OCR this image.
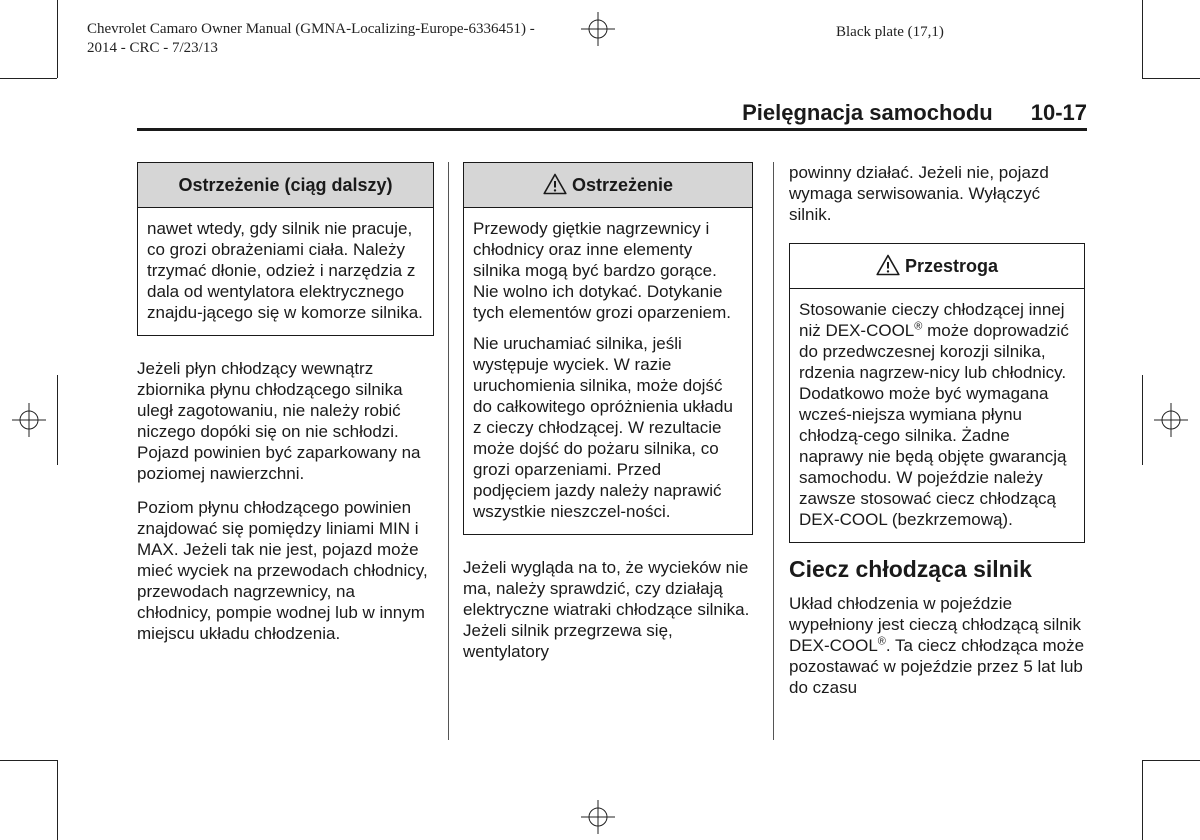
Chevrolet Camaro Owner Manual (GMNA-Localizing-Europe-6336451) -
2014 - CRC - 7/23/13
Black plate (17,1)
Pielęgnacja samochodu 10-17
Ostrzeżenie (ciąg dalszy)

nawet wtedy, gdy silnik nie pracuje, co grozi obrażeniami ciała. Należy trzymać dłonie, odzież i narzędzia z dala od wentylatora elektrycznego znajdu-jącego się w komorze silnika.

Jeżeli płyn chłodzący wewnątrz zbiornika płynu chłodzącego silnika uległ zagotowaniu, nie należy robić niczego dopóki się on nie schłodzi. Pojazd powinien być zaparkowany na poziomej nawierzchni.

Poziom płynu chłodzącego powinien znajdować się pomiędzy liniami MIN i MAX. Jeżeli tak nie jest, pojazd może mieć wyciek na przewodach chłodnicy, przewodach nagrzewnicy, na chłodnicy, pompie wodnej lub w innym miejscu układu chłodzenia.

Ostrzeżenie

Przewody giętkie nagrzewnicy i chłodnicy oraz inne elementy silnika mogą być bardzo gorące. Nie wolno ich dotykać. Dotykanie tych elementów grozi oparzeniem.

Nie uruchamiać silnika, jeśli występuje wyciek. W razie uruchomienia silnika, może dojść do całkowitego opróżnienia układu z cieczy chłodzącej. W rezultacie może dojść do pożaru silnika, co grozi oparzeniami. Przed podjęciem jazdy należy naprawić wszystkie nieszczel-ności.

Jeżeli wygląda na to, że wycieków nie ma, należy sprawdzić, czy działają elektryczne wiatraki chłodzące silnika. Jeżeli silnik przegrzewa się, wentylatory

powinny działać. Jeżeli nie, pojazd wymaga serwisowania. Wyłączyć silnik.

Przestroga

Stosowanie cieczy chłodzącej innej niż DEX-COOL® może doprowadzić do przedwczesnej korozji silnika, rdzenia nagrzew-nicy lub chłodnicy. Dodatkowo może być wymagana wcześ-niejsza wymiana płynu chłodzą-cego silnika. Żadne naprawy nie będą objęte gwarancją samochodu. W pojeździe należy zawsze stosować ciecz chłodzącą DEX-COOL (bezkrzemową).

Ciecz chłodząca silnik

Układ chłodzenia w pojeździe wypełniony jest cieczą chłodzącą silnik DEX-COOL®. Ta ciecz chłodząca może pozostawać w pojeździe przez 5 lat lub do czasu
